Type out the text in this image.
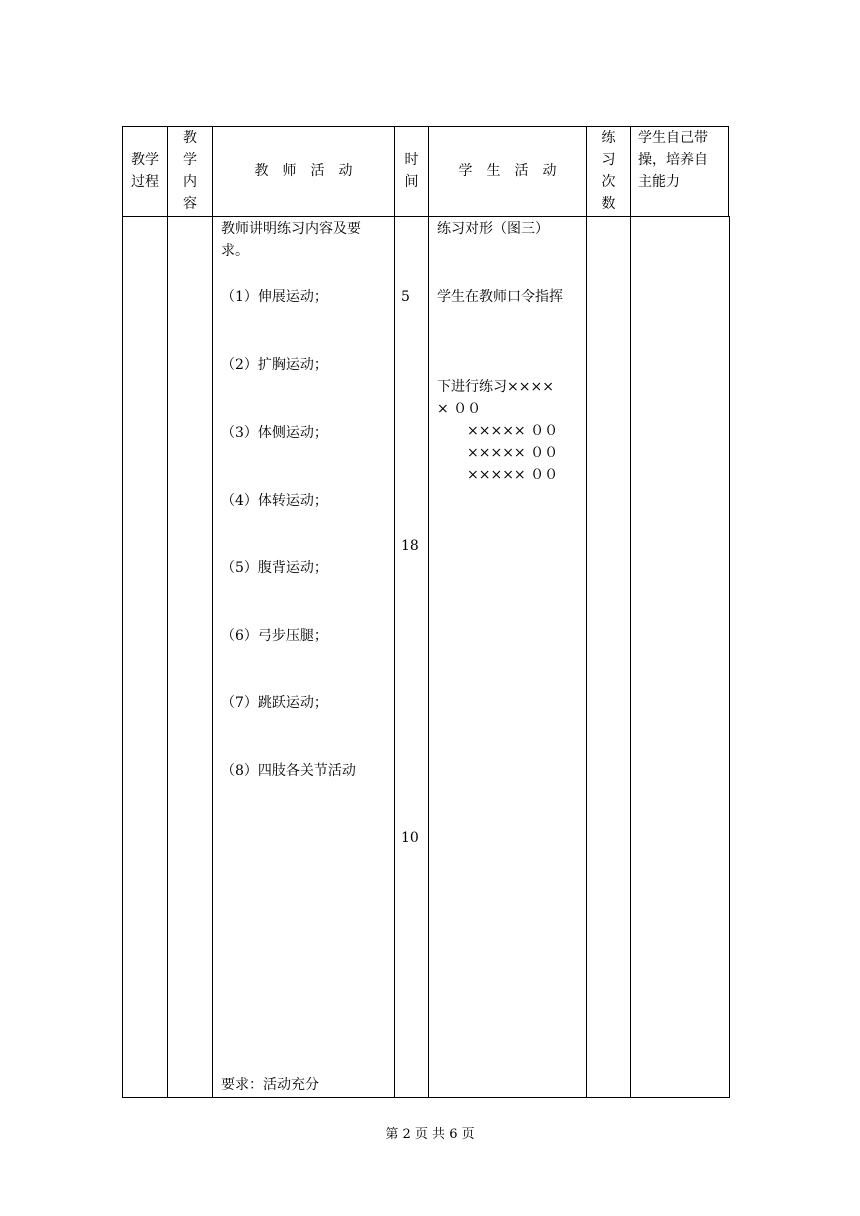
教学
过程
教
学
内
容
教　师　活　动
时
间
学　生　活　动
练
习
次
数
学生自己带
操，培养自
主能力
教师讲明练习内容及要
求。
（1）伸展运动；
（2）扩胸运动；
（3）体侧运动；
（4）体转运动；
（5）腹背运动；
（6）弓步压腿；
（7）跳跃运动；
（8）四肢各关节活动
要求：活动充分
5
18
10
练习对形（图三）
学生在教师口令指挥
下进行练习××××
× ００
××××× ００
××××× ００
××××× ００
第 2 页 共 6 页
